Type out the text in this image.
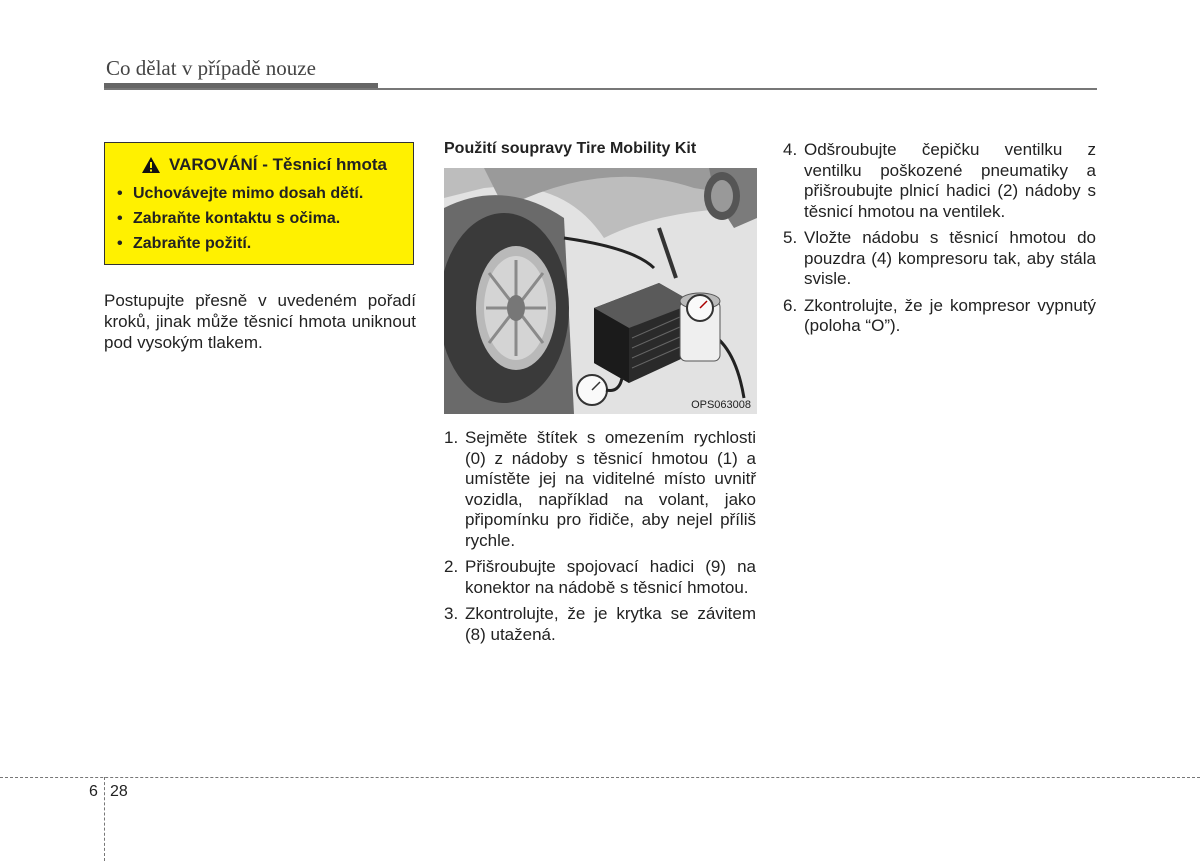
Co dělat v případě nouze
VAROVÁNÍ - Těsnicí hmota
• Uchovávejte mimo dosah dětí.
• Zabraňte kontaktu s očima.
• Zabraňte požití.
Postupujte přesně v uvedeném pořadí kroků, jinak může těsnicí hmota uniknout pod vysokým tlakem.
Použití soupravy Tire Mobility Kit
OPS063008
1. Sejměte štítek s omezením rychlosti (0) z nádoby s těsnicí hmotou (1) a umístěte jej na viditelné místo uvnitř vozidla, například na volant, jako připomínku pro řidiče, aby nejel příliš rychle.
2. Přišroubujte spojovací hadici (9) na konektor na nádobě s těsnicí hmotou.
3. Zkontrolujte, že je krytka se závitem (8) utažená.
4. Odšroubujte čepičku ventilku z ventilku poškozené pneumatiky a přišroubujte plnicí hadici (2) nádoby s těsnicí hmotou na ventilek.
5. Vložte nádobu s těsnicí hmotou do pouzdra (4) kompresoru tak, aby stála svisle.
6. Zkontrolujte, že je kompresor vypnutý (poloha “O”).
6 28
